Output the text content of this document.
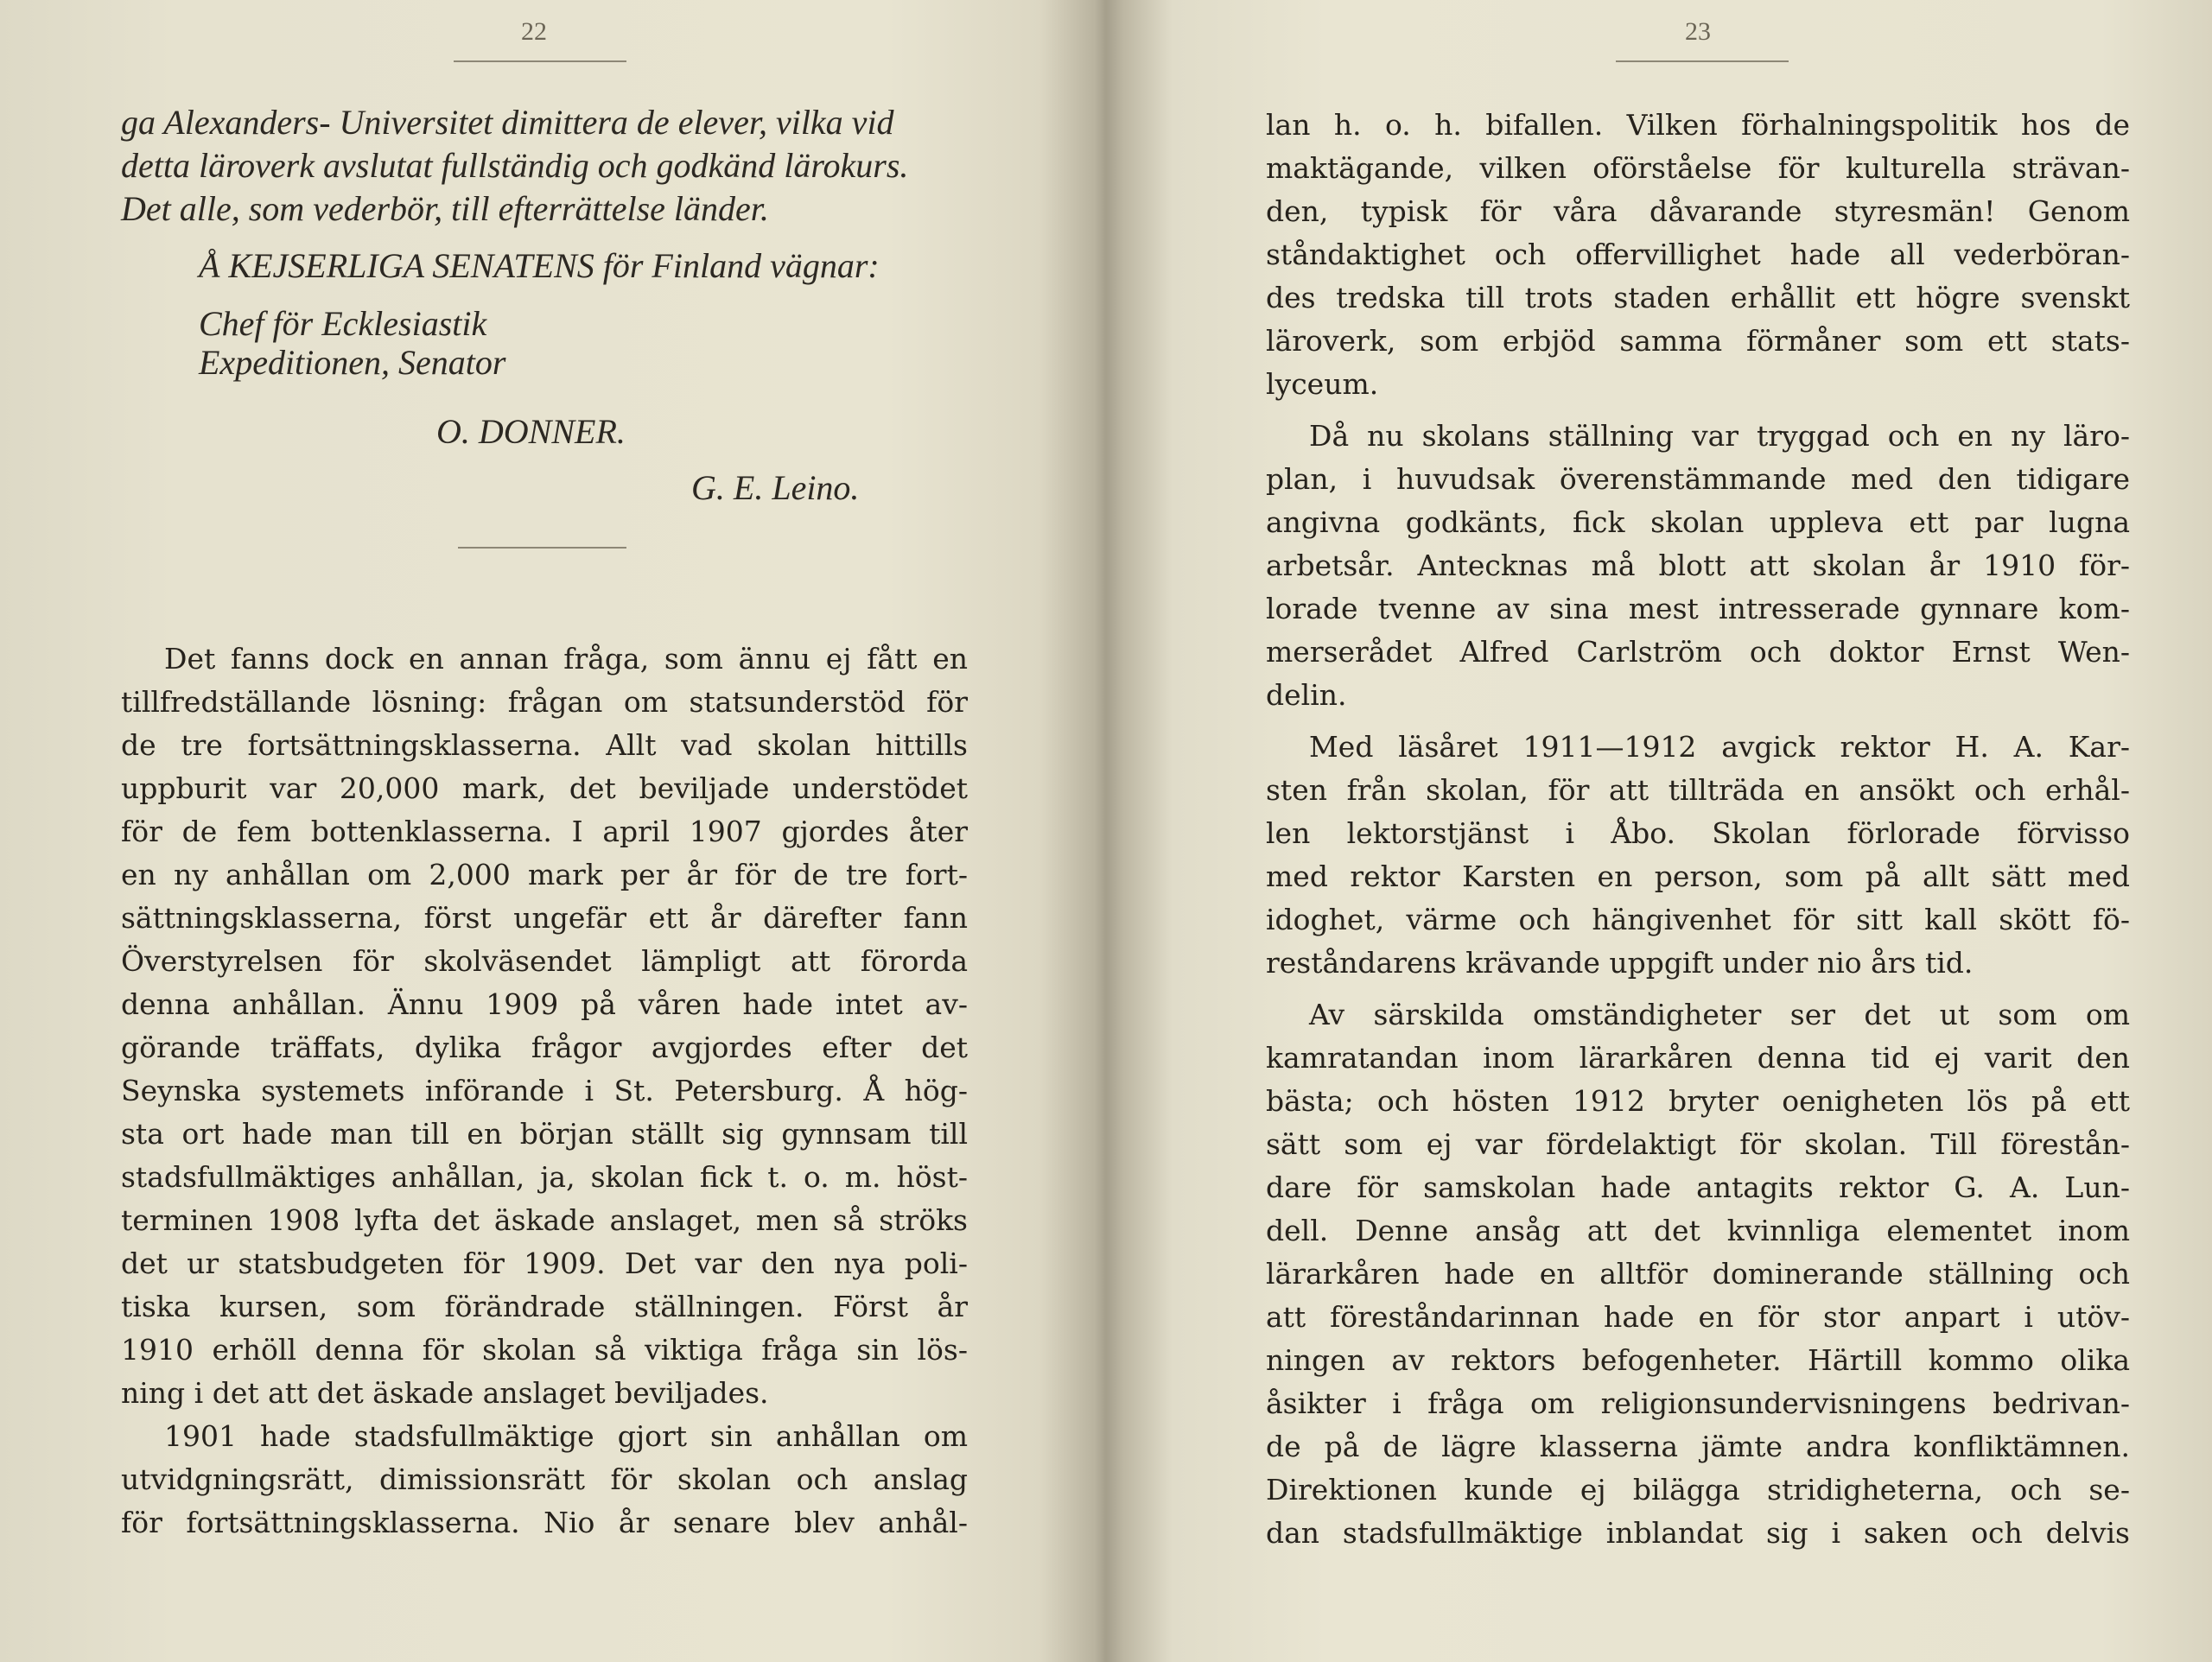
22
ga Alexanders- Universitet dimittera de elever, vilka vid
detta läroverk avslutat fullständig och godkänd lärokurs.
Det alle, som vederbör, till efterrättelse länder.
Å KEJSERLIGA SENATENS för Finland vägnar:
Chef för Ecklesiastik
Expeditionen, Senator
O. DONNER.
G. E. Leino.
Det fanns dock en annan fråga, som ännu ej fått en
tillfredställande lösning: frågan om statsunderstöd för
de tre fortsättningsklasserna. Allt vad skolan hittills
uppburit var 20,000 mark, det beviljade understödet
för de fem bottenklasserna. I april 1907 gjordes åter
en ny anhållan om 2,000 mark per år för de tre fort-
sättningsklasserna, först ungefär ett år därefter fann
Överstyrelsen för skolväsendet lämpligt att förorda
denna anhållan. Ännu 1909 på våren hade intet av-
görande träffats, dylika frågor avgjordes efter det
Seynska systemets införande i St. Petersburg. Å hög-
sta ort hade man till en början ställt sig gynnsam till
stadsfullmäktiges anhållan, ja, skolan fick t. o. m. höst-
terminen 1908 lyfta det äskade anslaget, men så ströks
det ur statsbudgeten för 1909. Det var den nya poli-
tiska kursen, som förändrade ställningen. Först år
1910 erhöll denna för skolan så viktiga fråga sin lös-
ning i det att det äskade anslaget beviljades.
1901 hade stadsfullmäktige gjort sin anhållan om
utvidgningsrätt, dimissionsrätt för skolan och anslag
för fortsättningsklasserna. Nio år senare blev anhål-
23
lan h. o. h. bifallen. Vilken förhalningspolitik hos de
maktägande, vilken oförståelse för kulturella strävan-
den, typisk för våra dåvarande styresmän! Genom
ståndaktighet och offervillighet hade all vederböran-
des tredska till trots staden erhållit ett högre svenskt
läroverk, som erbjöd samma förmåner som ett stats-
lyceum.
Då nu skolans ställning var tryggad och en ny läro-
plan, i huvudsak överenstämmande med den tidigare
angivna godkänts, fick skolan uppleva ett par lugna
arbetsår. Antecknas må blott att skolan år 1910 för-
lorade tvenne av sina mest intresserade gynnare kom-
merserådet Alfred Carlström och doktor Ernst Wen-
delin.
Med läsåret 1911—1912 avgick rektor H. A. Kar-
sten från skolan, för att tillträda en ansökt och erhål-
len lektorstjänst i Åbo. Skolan förlorade förvisso
med rektor Karsten en person, som på allt sätt med
idoghet, värme och hängivenhet för sitt kall skött fö-
reståndarens krävande uppgift under nio års tid.
Av särskilda omständigheter ser det ut som om
kamratandan inom lärarkåren denna tid ej varit den
bästa; och hösten 1912 bryter oenigheten lös på ett
sätt som ej var fördelaktigt för skolan. Till förestån-
dare för samskolan hade antagits rektor G. A. Lun-
dell. Denne ansåg att det kvinnliga elementet inom
lärarkåren hade en alltför dominerande ställning och
att föreståndarinnan hade en för stor anpart i utöv-
ningen av rektors befogenheter. Härtill kommo olika
åsikter i fråga om religionsundervisningens bedrivan-
de på de lägre klasserna jämte andra konfliktämnen.
Direktionen kunde ej bilägga stridigheterna, och se-
dan stadsfullmäktige inblandat sig i saken och delvis
